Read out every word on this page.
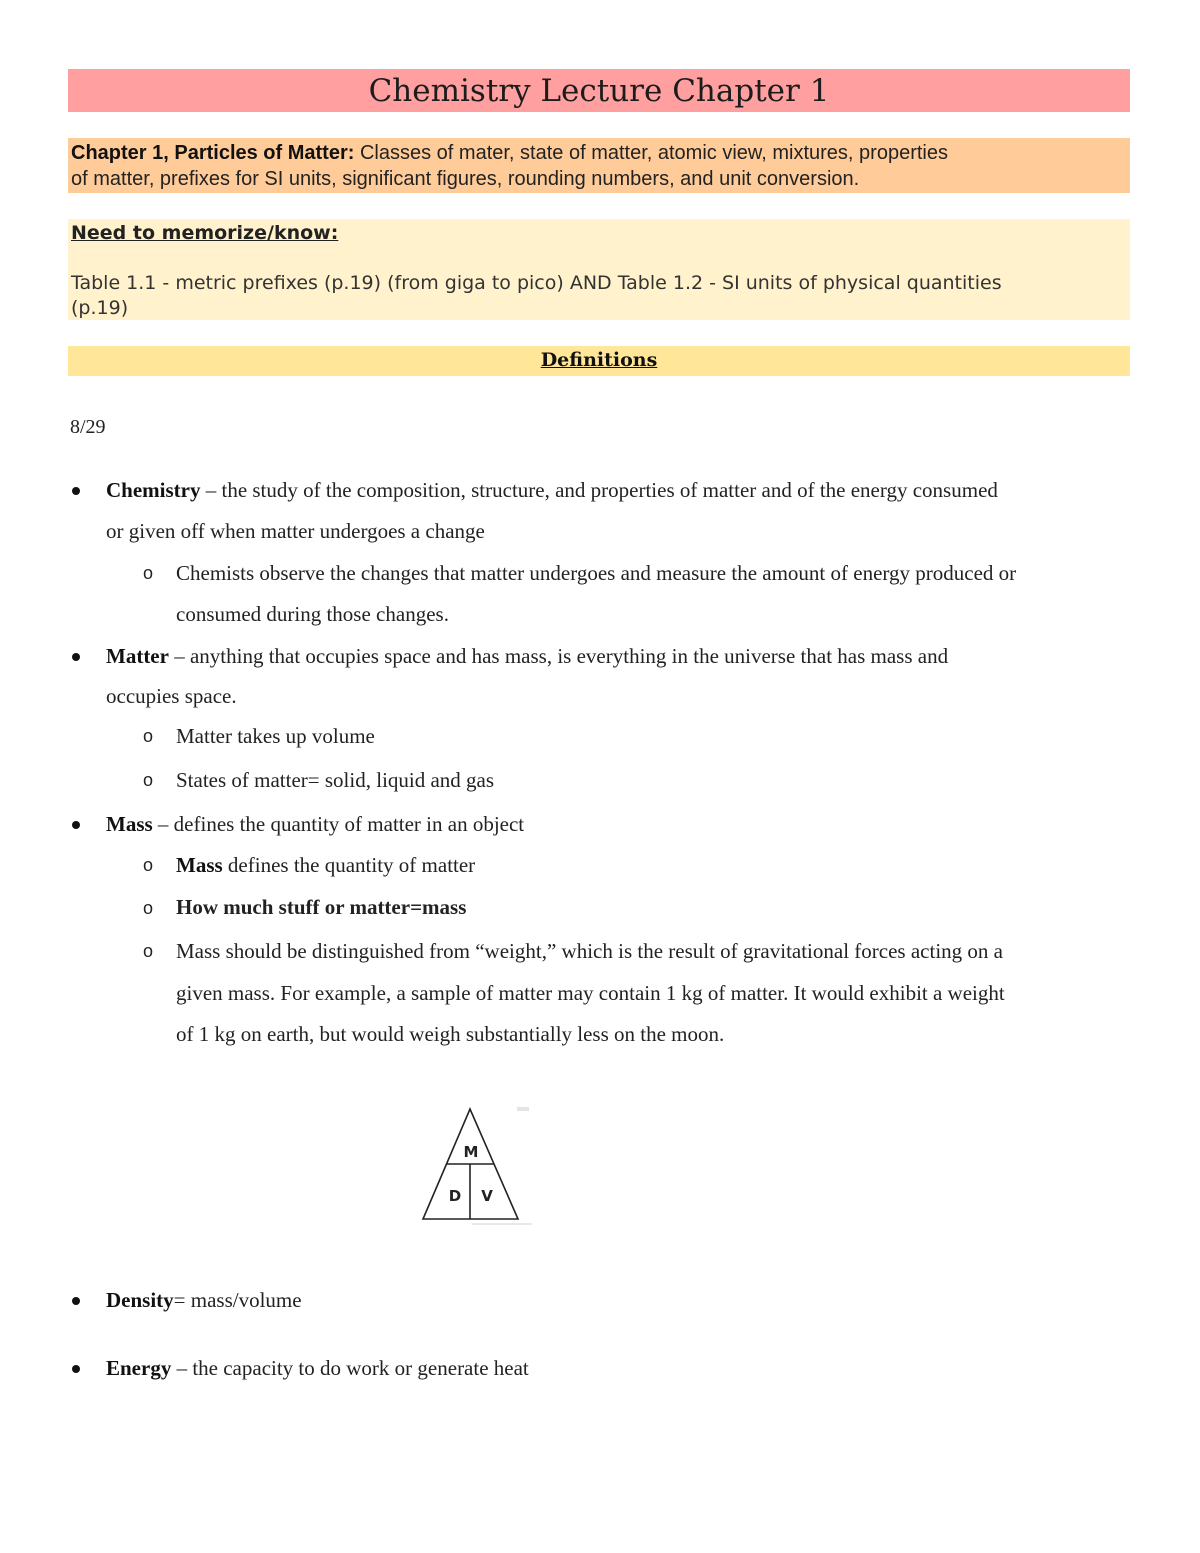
Chemistry Lecture Chapter 1
Chapter 1, Particles of Matter: Classes of mater, state of matter, atomic view, mixtures, properties
of matter, prefixes for SI units, significant figures, rounding numbers, and unit conversion.
Need to memorize/know:
Table 1.1 - metric prefixes (p.19) (from giga to pico) AND Table 1.2 - SI units of physical quantities
(p.19)
Definitions
8/29
Chemistry – the study of the composition, structure, and properties of matter and of the energy consumed
or given off when matter undergoes a change
o Chemists observe the changes that matter undergoes and measure the amount of energy produced or
consumed during those changes.
Matter – anything that occupies space and has mass, is everything in the universe that has mass and
occupies space.
o Matter takes up volume
o States of matter= solid, liquid and gas
Mass – defines the quantity of matter in an object
o Mass defines the quantity of matter
o How much stuff or matter=mass
o Mass should be distinguished from “weight,” which is the result of gravitational forces acting on a
given mass. For example, a sample of matter may contain 1 kg of matter. It would exhibit a weight
of 1 kg on earth, but would weigh substantially less on the moon.
M
D V
Density= mass/volume
Energy – the capacity to do work or generate heat
